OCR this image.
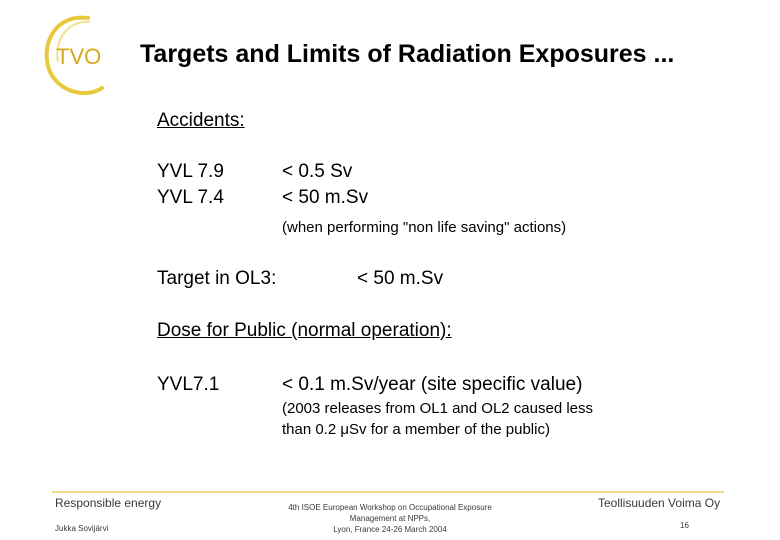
TVO Targets and Limits of Radiation Exposures ...
Accidents:
YVL 7.9	< 0.5 Sv
YVL 7.4	< 50 m.Sv
(when performing "non life saving" actions)
Target in OL3:	< 50 m.Sv
Dose for Public (normal operation):
YVL7.1	< 0.1 m.Sv/year (site specific value)
(2003 releases from OL1 and OL2 caused less
than 0.2 μSv for a member of the public)
Responsible energy
Jukka Sovijärvi
4th ISOE European Workshop on Occupational Exposure
Management at NPPs,
Lyon, France 24-26 March 2004
Teollisuuden Voima Oy
16
